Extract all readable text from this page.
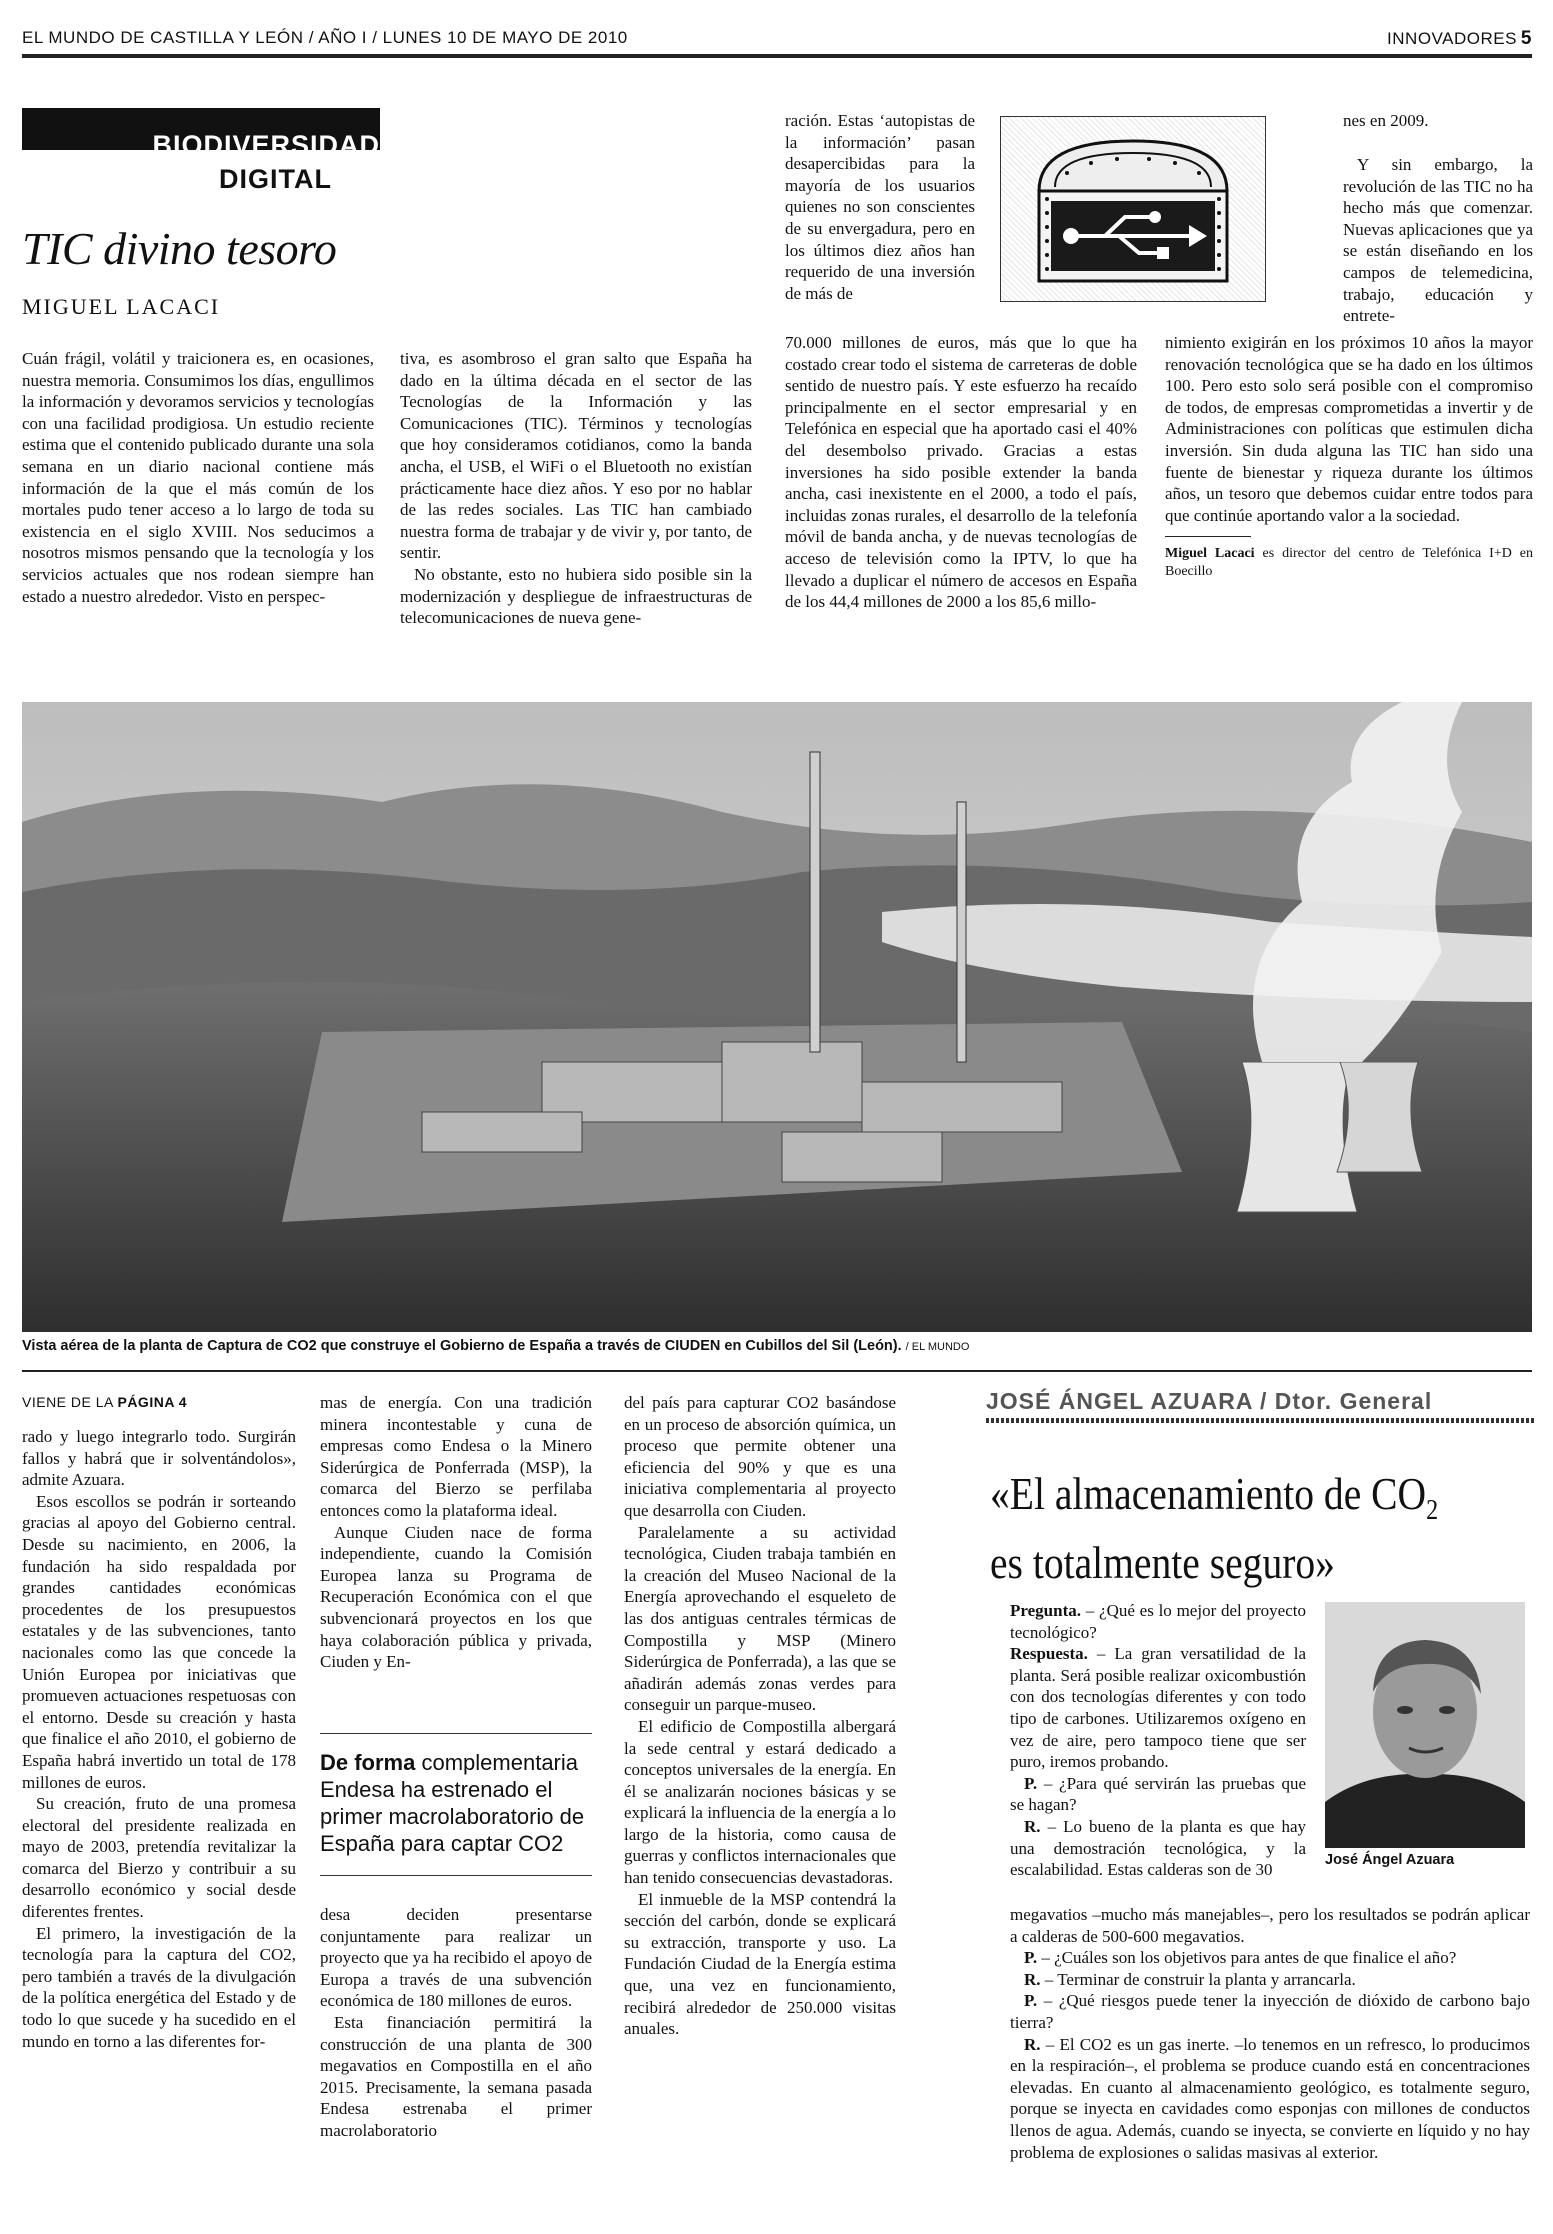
EL MUNDO DE CASTILLA Y LEÓN / AÑO I / LUNES 10 DE MAYO DE 2010	INNOVADORES 5
BIODIVERSIDAD
DIGITAL
TIC divino tesoro
MIGUEL LACACI

Cuán frágil, volátil y traicionera es, en ocasiones, nuestra memoria. Consumimos los días, engullimos la información y devoramos servicios y tecnologías con una facilidad prodigiosa. Un estudio reciente estima que el contenido publicado durante una sola semana en un diario nacional contiene más información de la que el más común de los mortales pudo tener acceso a lo largo de toda su existencia en el siglo XVIII. Nos seducimos a nosotros mismos pensando que la tecnología y los servicios actuales que nos rodean siempre han estado a nuestro alrededor. Visto en perspec-

tiva, es asombroso el gran salto que España ha dado en la última década en el sector de las Tecnologías de la Información y las Comunicaciones (TIC). Términos y tecnologías que hoy consideramos cotidianos, como la banda ancha, el USB, el WiFi o el Bluetooth no existían prácticamente hace diez años. Y eso por no hablar de las redes sociales. Las TIC han cambiado nuestra forma de trabajar y de vivir y, por tanto, de sentir.

No obstante, esto no hubiera sido posible sin la modernización y despliegue de infraestructuras de telecomunicaciones de nueva gene-

ración. Estas ‘autopistas de la información’ pasan desapercibidas para la mayoría de los usuarios quienes no son conscientes de su envergadura, pero en los últimos diez años han requerido de una inversión de más de

70.000 millones de euros, más que lo que ha costado crear todo el sistema de carreteras de doble sentido de nuestro país. Y este esfuerzo ha recaído principalmente en el sector empresarial y en Telefónica en especial que ha aportado casi el 40% del desembolso privado. Gracias a estas inversiones ha sido posible extender la banda ancha, casi inexistente en el 2000, a todo el país, incluidas zonas rurales, el desarrollo de la telefonía móvil de banda ancha, y de nuevas tecnologías de acceso de televisión como la IPTV, lo que ha llevado a duplicar el número de accesos en España de los 44,4 millones de 2000 a los 85,6 millo-

nes en 2009.

Y sin embargo, la revolución de las TIC no ha hecho más que comenzar. Nuevas aplicaciones que ya se están diseñando en los campos de telemedicina, trabajo, educación y entrete-

nimiento exigirán en los próximos 10 años la mayor renovación tecnológica que se ha dado en los últimos 100. Pero esto solo será posible con el compromiso de todos, de empresas comprometidas a invertir y de Administraciones con políticas que estimulen dicha inversión. Sin duda alguna las TIC han sido una fuente de bienestar y riqueza durante los últimos años, un tesoro que debemos cuidar entre todos para que continúe aportando valor a la sociedad.

Miguel Lacaci es director del centro de Telefónica I+D en Boecillo

Vista aérea de la planta de Captura de CO2 que construye el Gobierno de España a través de CIUDEN en Cubillos del Sil (León). / EL MUNDO
VIENE DE LA PÁGINA 4

rado y luego integrarlo todo. Surgirán fallos y habrá que ir solventándolos», admite Azuara.

Esos escollos se podrán ir sorteando gracias al apoyo del Gobierno central. Desde su nacimiento, en 2006, la fundación ha sido respaldada por grandes cantidades económicas procedentes de los presupuestos estatales y de las subvenciones, tanto nacionales como las que concede la Unión Europea por iniciativas que promueven actuaciones respetuosas con el entorno. Desde su creación y hasta que finalice el año 2010, el gobierno de España habrá invertido un total de 178 millones de euros.

Su creación, fruto de una promesa electoral del presidente realizada en mayo de 2003, pretendía revitalizar la comarca del Bierzo y contribuir a su desarrollo económico y social desde diferentes frentes.

El primero, la investigación de la tecnología para la captura del CO2, pero también a través de la divulgación de la política energética del Estado y de todo lo que sucede y ha sucedido en el mundo en torno a las diferentes for-

mas de energía. Con una tradición minera incontestable y cuna de empresas como Endesa o la Minero Siderúrgica de Ponferrada (MSP), la comarca del Bierzo se perfilaba entonces como la plataforma ideal.

Aunque Ciuden nace de forma independiente, cuando la Comisión Europea lanza su Programa de Recuperación Económica con el que subvencionará proyectos en los que haya colaboración pública y privada, Ciuden y En-

De forma complementaria Endesa ha estrenado el primer macrolaboratorio de España para captar CO2

desa deciden presentarse conjuntamente para realizar un proyecto que ya ha recibido el apoyo de Europa a través de una subvención económica de 180 millones de euros.

Esta financiación permitirá la construcción de una planta de 300 megavatios en Compostilla en el año 2015. Precisamente, la semana pasada Endesa estrenaba el primer macrolaboratorio

del país para capturar CO2 basándose en un proceso de absorción química, un proceso que permite obtener una eficiencia del 90% y que es una iniciativa complementaria al proyecto que desarrolla con Ciuden.

Paralelamente a su actividad tecnológica, Ciuden trabaja también en la creación del Museo Nacional de la Energía aprovechando el esqueleto de las dos antiguas centrales térmicas de Compostilla y MSP (Minero Siderúrgica de Ponferrada), a las que se añadirán además zonas verdes para conseguir un parque-museo.

El edificio de Compostilla albergará la sede central y estará dedicado a conceptos universales de la energía. En él se analizarán nociones básicas y se explicará la influencia de la energía a lo largo de la historia, como causa de guerras y conflictos internacionales que han tenido consecuencias devastadoras.

El inmueble de la MSP contendrá la sección del carbón, donde se explicará su extracción, transporte y uso. La Fundación Ciudad de la Energía estima que, una vez en funcionamiento, recibirá alrededor de 250.000 visitas anuales.

JOSÉ ÁNGEL AZUARA / Dtor. General
«El almacenamiento de $CO_2$
es totalmente seguro»
José Ángel Azuara

Pregunta. – ¿Qué es lo mejor del proyecto tecnológico?

Respuesta. – La gran versatilidad de la planta. Será posible realizar oxicombustión con dos tecnologías diferentes y con todo tipo de carbones. Utilizaremos oxígeno en vez de aire, pero tampoco tiene que ser puro, iremos probando.

P. – ¿Para qué servirán las pruebas que se hagan?

R. – Lo bueno de la planta es que hay una demostración tecnológica, y la escalabilidad. Estas calderas son de 30

megavatios –mucho más manejables–, pero los resultados se podrán aplicar a calderas de 500-600 megavatios.

P. – ¿Cuáles son los objetivos para antes de que finalice el año?

R. – Terminar de construir la planta y arrancarla.

P. – ¿Qué riesgos puede tener la inyección de dióxido de carbono bajo tierra?

R. – El CO2 es un gas inerte. –lo tenemos en un refresco, lo producimos en la respiración–, el problema se produce cuando está en concentraciones elevadas. En cuanto al almacenamiento geológico, es totalmente seguro, porque se inyecta en cavidades como esponjas con millones de conductos llenos de agua. Además, cuando se inyecta, se convierte en líquido y no hay problema de explosiones o salidas masivas al exterior.
